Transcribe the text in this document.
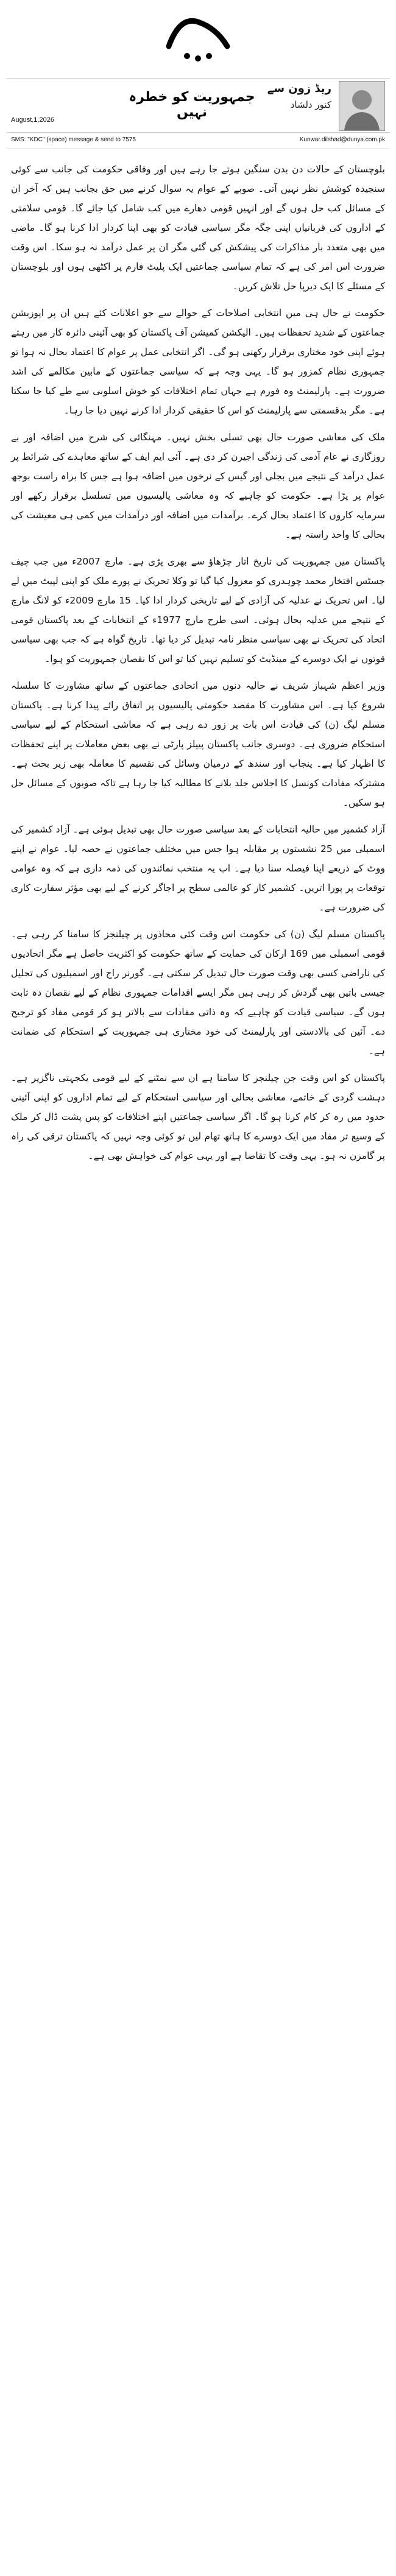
جمہوریت کو خطرہ نہیں
ریڈ زون سے
کنور دلشاد
August,1,2026
SMS: "KDC" (space) message & send to 7575	Kunwar.dilshad@dunya.com.pk

بلوچستان کے حالات دن بدن سنگین ہوتے جا رہے ہیں اور وفاقی حکومت کی جانب سے کوئی سنجیدہ کوشش نظر نہیں آتی۔ صوبے کے عوام یہ سوال کرنے میں حق بجانب ہیں کہ آخر ان کے مسائل کب حل ہوں گے اور انہیں قومی دھارے میں کب شامل کیا جائے گا۔ قومی سلامتی کے اداروں کی قربانیاں اپنی جگہ مگر سیاسی قیادت کو بھی اپنا کردار ادا کرنا ہو گا۔ ماضی میں بھی متعدد بار مذاکرات کی پیشکش کی گئی مگر ان پر عمل درآمد نہ ہو سکا۔ اس وقت ضرورت اس امر کی ہے کہ تمام سیاسی جماعتیں ایک پلیٹ فارم پر اکٹھی ہوں اور بلوچستان کے مسئلے کا ایک دیرپا حل تلاش کریں۔

حکومت نے حال ہی میں انتخابی اصلاحات کے حوالے سے جو اعلانات کئے ہیں ان پر اپوزیشن جماعتوں کے شدید تحفظات ہیں۔ الیکشن کمیشن آف پاکستان کو بھی آئینی دائرہ کار میں رہتے ہوئے اپنی خود مختاری برقرار رکھنی ہو گی۔ اگر انتخابی عمل پر عوام کا اعتماد بحال نہ ہوا تو جمہوری نظام کمزور ہو گا۔ یہی وجہ ہے کہ سیاسی جماعتوں کے مابین مکالمے کی اشد ضرورت ہے۔ پارلیمنٹ وہ فورم ہے جہاں تمام اختلافات کو خوش اسلوبی سے طے کیا جا سکتا ہے۔ مگر بدقسمتی سے پارلیمنٹ کو اس کا حقیقی کردار ادا کرنے نہیں دیا جا رہا۔

ملک کی معاشی صورت حال بھی تسلی بخش نہیں۔ مہنگائی کی شرح میں اضافہ اور بے روزگاری نے عام آدمی کی زندگی اجیرن کر دی ہے۔ آئی ایم ایف کے ساتھ معاہدے کی شرائط پر عمل درآمد کے نتیجے میں بجلی اور گیس کے نرخوں میں اضافہ ہوا ہے جس کا براہ راست بوجھ عوام پر پڑا ہے۔ حکومت کو چاہیے کہ وہ معاشی پالیسیوں میں تسلسل برقرار رکھے اور سرمایہ کاروں کا اعتماد بحال کرے۔ برآمدات میں اضافہ اور درآمدات میں کمی ہی معیشت کی بحالی کا واحد راستہ ہے۔

پاکستان میں جمہوریت کی تاریخ اتار چڑھاؤ سے بھری پڑی ہے۔ مارچ 2007ء میں جب چیف جسٹس افتخار محمد چوہدری کو معزول کیا گیا تو وکلا تحریک نے پورے ملک کو اپنی لپیٹ میں لے لیا۔ اس تحریک نے عدلیہ کی آزادی کے لیے تاریخی کردار ادا کیا۔ 15 مارچ 2009ء کو لانگ مارچ کے نتیجے میں عدلیہ بحال ہوئی۔ اسی طرح مارچ 1977ء کے انتخابات کے بعد پاکستان قومی اتحاد کی تحریک نے بھی سیاسی منظر نامہ تبدیل کر دیا تھا۔ تاریخ گواہ ہے کہ جب بھی سیاسی قوتوں نے ایک دوسرے کے مینڈیٹ کو تسلیم نہیں کیا تو اس کا نقصان جمہوریت کو ہوا۔

وزیر اعظم شہباز شریف نے حالیہ دنوں میں اتحادی جماعتوں کے ساتھ مشاورت کا سلسلہ شروع کیا ہے۔ اس مشاورت کا مقصد حکومتی پالیسیوں پر اتفاق رائے پیدا کرنا ہے۔ پاکستان مسلم لیگ (ن) کی قیادت اس بات پر زور دے رہی ہے کہ معاشی استحکام کے لیے سیاسی استحکام ضروری ہے۔ دوسری جانب پاکستان پیپلز پارٹی نے بھی بعض معاملات پر اپنے تحفظات کا اظہار کیا ہے۔ پنجاب اور سندھ کے درمیان وسائل کی تقسیم کا معاملہ بھی زیر بحث ہے۔ مشترکہ مفادات کونسل کا اجلاس جلد بلانے کا مطالبہ کیا جا رہا ہے تاکہ صوبوں کے مسائل حل ہو سکیں۔

آزاد کشمیر میں حالیہ انتخابات کے بعد سیاسی صورت حال بھی تبدیل ہوئی ہے۔ آزاد کشمیر کی اسمبلی میں 25 نشستوں پر مقابلہ ہوا جس میں مختلف جماعتوں نے حصہ لیا۔ عوام نے اپنے ووٹ کے ذریعے اپنا فیصلہ سنا دیا ہے۔ اب یہ منتخب نمائندوں کی ذمہ داری ہے کہ وہ عوامی توقعات پر پورا اتریں۔ کشمیر کاز کو عالمی سطح پر اجاگر کرنے کے لیے بھی مؤثر سفارت کاری کی ضرورت ہے۔

پاکستان مسلم لیگ (ن) کی حکومت اس وقت کئی محاذوں پر چیلنجز کا سامنا کر رہی ہے۔ قومی اسمبلی میں 169 ارکان کی حمایت کے ساتھ حکومت کو اکثریت حاصل ہے مگر اتحادیوں کی ناراضی کسی بھی وقت صورت حال تبدیل کر سکتی ہے۔ گورنر راج اور اسمبلیوں کی تحلیل جیسی باتیں بھی گردش کر رہی ہیں مگر ایسے اقدامات جمہوری نظام کے لیے نقصان دہ ثابت ہوں گے۔ سیاسی قیادت کو چاہیے کہ وہ ذاتی مفادات سے بالاتر ہو کر قومی مفاد کو ترجیح دے۔ آئین کی بالادستی اور پارلیمنٹ کی خود مختاری ہی جمہوریت کے استحکام کی ضمانت ہے۔

پاکستان کو اس وقت جن چیلنجز کا سامنا ہے ان سے نمٹنے کے لیے قومی یکجہتی ناگزیر ہے۔ دہشت گردی کے خاتمے، معاشی بحالی اور سیاسی استحکام کے لیے تمام اداروں کو اپنی آئینی حدود میں رہ کر کام کرنا ہو گا۔ اگر سیاسی جماعتیں اپنے اختلافات کو پس پشت ڈال کر ملک کے وسیع تر مفاد میں ایک دوسرے کا ہاتھ تھام لیں تو کوئی وجہ نہیں کہ پاکستان ترقی کی راہ پر گامزن نہ ہو۔ یہی وقت کا تقاضا ہے اور یہی عوام کی خواہش بھی ہے۔
